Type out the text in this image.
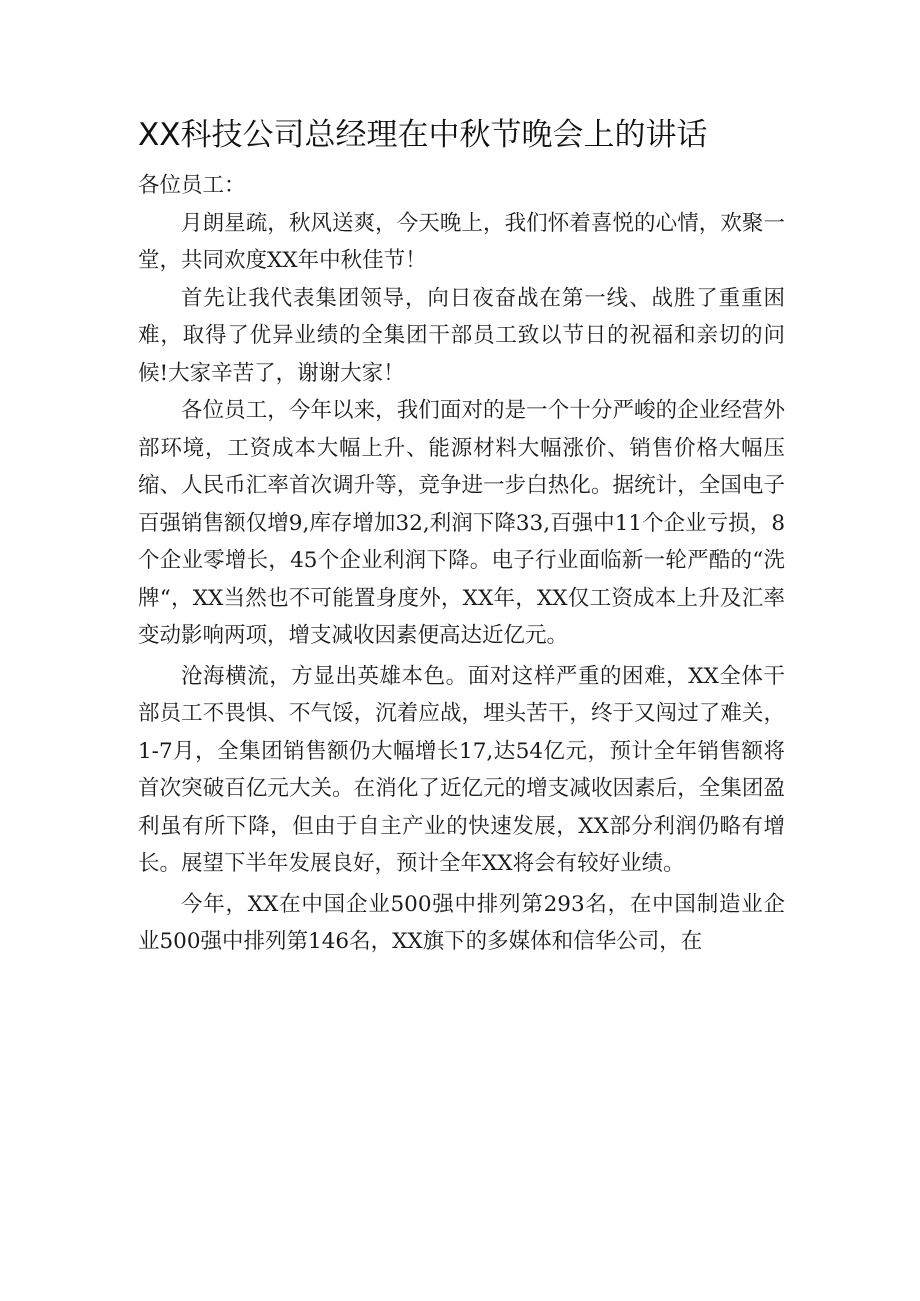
XX科技公司总经理在中秋节晚会上的讲话

各位员工：

月朗星疏，秋风送爽，今天晚上，我们怀着喜悦的心情，欢聚一堂，共同欢度XX年中秋佳节！

首先让我代表集团领导，向日夜奋战在第一线、战胜了重重困难，取得了优异业绩的全集团干部员工致以节日的祝福和亲切的问候!大家辛苦了，谢谢大家！

各位员工，今年以来，我们面对的是一个十分严峻的企业经营外部环境，工资成本大幅上升、能源材料大幅涨价、销售价格大幅压缩、人民币汇率首次调升等，竞争进一步白热化。据统计，全国电子百强销售额仅增9,库存增加32,利润下降33,百强中11个企业亏损，8个企业零增长，45个企业利润下降。电子行业面临新一轮严酷的“洗牌“，XX当然也不可能置身度外，XX年，XX仅工资成本上升及汇率变动影响两项，增支减收因素便高达近亿元。

沧海横流，方显出英雄本色。面对这样严重的困难，XX全体干部员工不畏惧、不气馁，沉着应战，埋头苦干，终于又闯过了难关，1-7月，全集团销售额仍大幅增长17,达54亿元，预计全年销售额将首次突破百亿元大关。在消化了近亿元的增支减收因素后，全集团盈利虽有所下降，但由于自主产业的快速发展，XX部分利润仍略有增长。展望下半年发展良好，预计全年XX将会有较好业绩。

今年，XX在中国企业500强中排列第293名，在中国制造业企业500强中排列第146名，XX旗下的多媒体和信华公司，在
